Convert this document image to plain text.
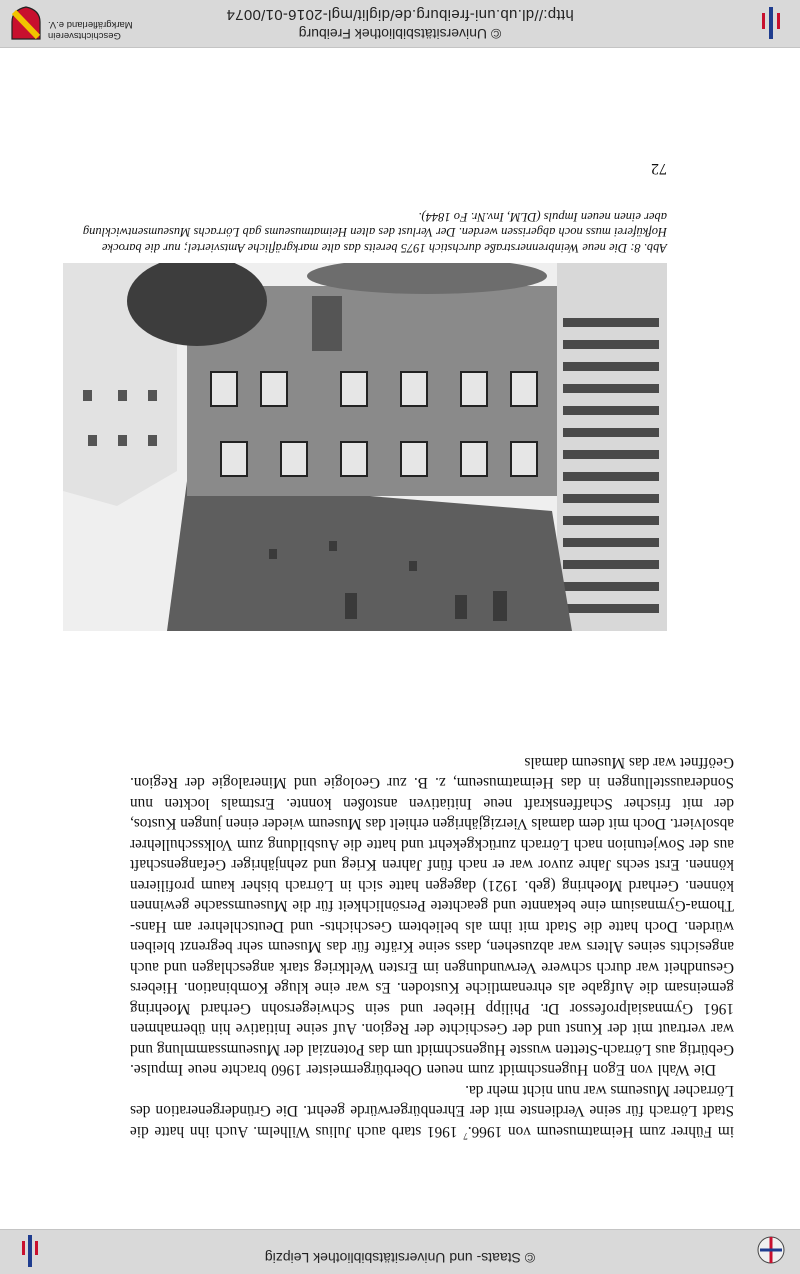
© Staats- und Universitätsbibliothek Leipzig

im Führer zum Heimatmuseum von 1966.$^7$ 1961 starb auch Julius Wilhelm. Auch ihn hatte die Stadt Lörrach für seine Verdienste mit der Ehrenbürgerwürde geehrt. Die Gründergeneration des Lörracher Museums war nun nicht mehr da.

Die Wahl von Egon Hugenschmidt zum neuen Oberbürgermeister 1960 brachte neue Impulse. Gebürtig aus Lörrach-Stetten wusste Hugenschmidt um das Potenzial der Museumssammlung und war vertraut mit der Kunst und der Geschichte der Region. Auf seine Initiative hin übernahmen 1961 Gymnasialprofessor Dr. Philipp Hieber und sein Schwiegersohn Gerhard Moehring gemeinsam die Aufgabe als ehrenamtliche Kustoden. Es war eine kluge Kombination. Hiebers Gesundheit war durch schwere Verwundungen im Ersten Weltkrieg stark angeschlagen und auch angesichts seines Alters war abzusehen, dass seine Kräfte für das Museum sehr begrenzt bleiben würden. Doch hatte die Stadt mit ihm als beliebtem Geschichts- und Deutschlehrer am Hans-Thoma-Gymnasium eine bekannte und geachtete Persönlichkeit für die Museumssache gewinnen können. Gerhard Moehring (geb. 1921) dagegen hatte sich in Lörrach bisher kaum profilieren können. Erst sechs Jahre zuvor war er nach fünf Jahren Krieg und zehnjähriger Gefangenschaft aus der Sowjetunion nach Lörrach zurückgekehrt und hatte die Ausbildung zum Volksschullehrer absolviert. Doch mit dem damals Vierzigjährigen erhielt das Museum wieder einen jungen Kustos, der mit frischer Schaffenskraft neue Initiativen anstoßen konnte. Erstmals lockten nun Sonderausstellungen in das Heimatmuseum, z. B. zur Geologie und Mineralogie der Region. Geöffnet war das Museum damals

Abb. 8: Die neue Weinbrennerstraße durchstich 1975 bereits das alte markgräfliche Amtsviertel; nur die barocke Hofküferei muss noch abgerissen werden. Der Verlust des alten Heimatmuseums gab Lörrachs Museumsentwicklung aber einen neuen Impuls (DLM, Inv.Nr. Fo 1844).
72
© Universitätsbibliothek Freiburg
http://dl.ub.uni-freiburg.de/diglit/mgl-2016-01/0074
Geschichtsverein
Markgräflerland e.V.
